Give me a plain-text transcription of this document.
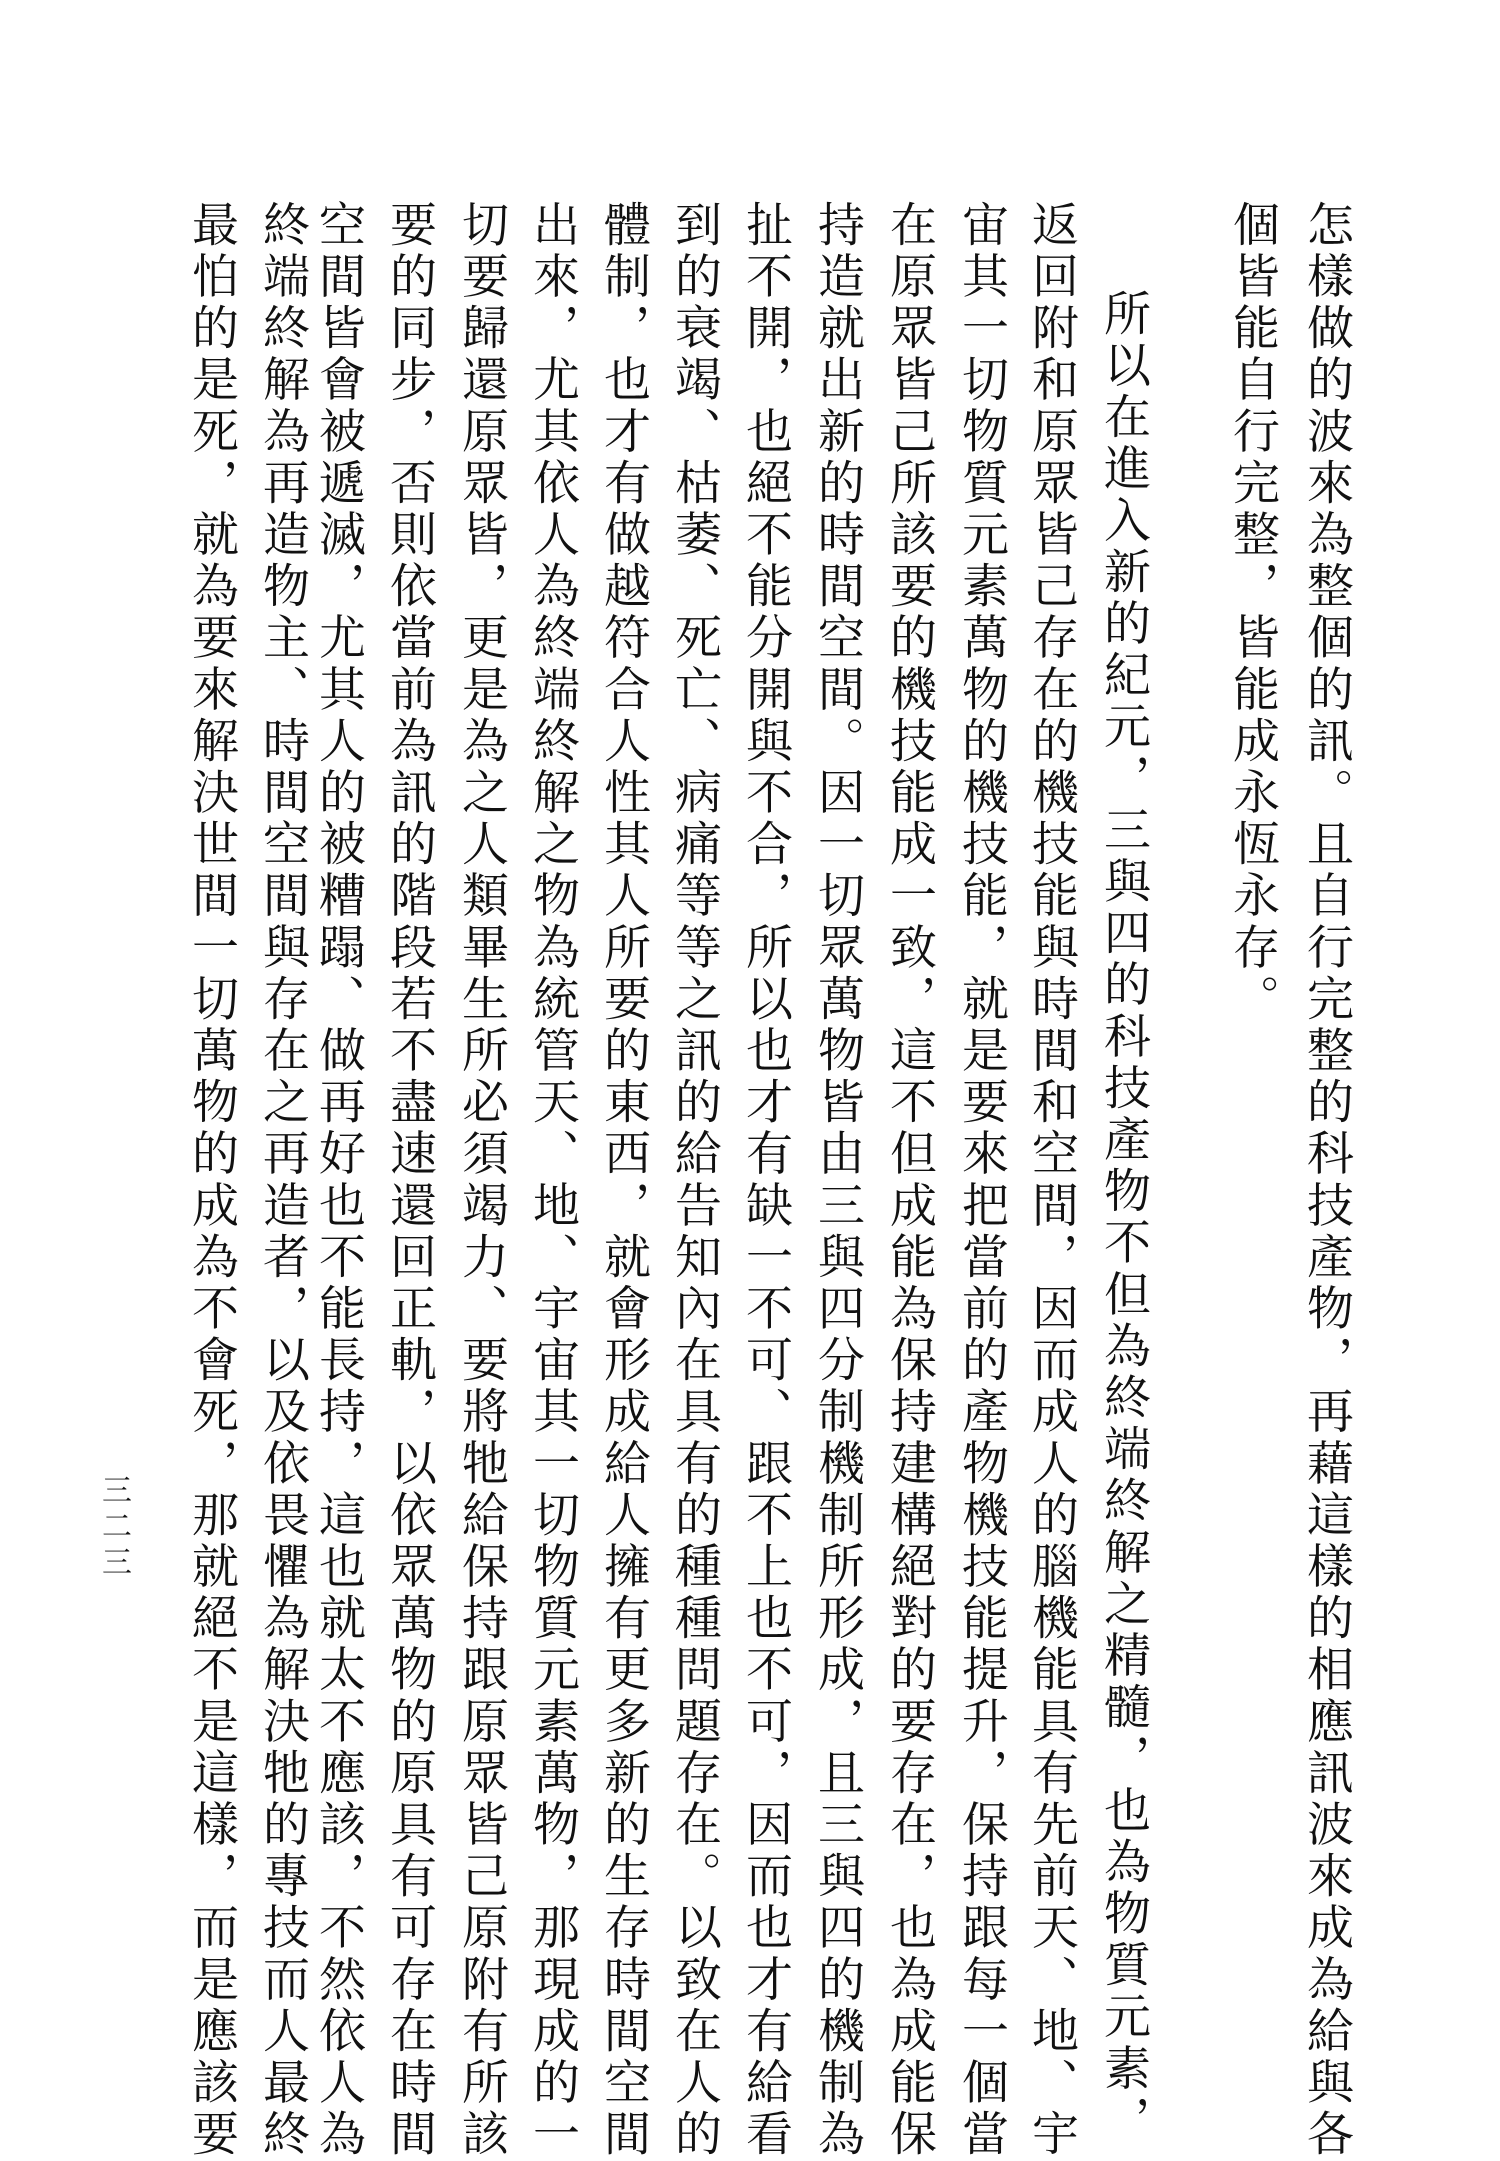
怎樣做的波來為整個的訊。且自行完整的科技產物，再藉這樣的相應訊波來成為給與各
個皆能自行完整，皆能成永恆永存。
所以在進入新的紀元，三與四的科技產物不但為終端終解之精髓，也為物質元素，
返回附和原眾皆己存在的機技能與時間和空間，因而成人的腦機能具有先前天、地、宇
宙其一切物質元素萬物的機技能，就是要來把當前的產物機技能提升，保持跟每一個當
在原眾皆己所該要的機技能成一致，這不但成能為保持建構絕對的要存在，也為成能保
持造就出新的時間空間。因一切眾萬物皆由三與四分制機制所形成，且三與四的機制為
扯不開，也絕不能分開與不合，所以也才有缺一不可、跟不上也不可，因而也才有給看
到的衰竭、枯萎、死亡、病痛等等之訊的給告知內在具有的種種問題存在。以致在人的
體制，也才有做越符合人性其人所要的東西，就會形成給人擁有更多新的生存時間空間
出來，尤其依人為終端終解之物為統管天、地、宇宙其一切物質元素萬物，那現成的一
切要歸還原眾皆，更是為之人類畢生所必須竭力、要將牠給保持跟原眾皆己原附有所該
要的同步，否則依當前為訊的階段若不盡速還回正軌，以依眾萬物的原具有可存在時間
空間皆會被遞滅，尤其人的被糟蹋、做再好也不能長持，這也就太不應該，不然依人為
終端終解為再造物主、時間空間與存在之再造者，以及依畏懼為解決牠的專技而人最終
最怕的是死，就為要來解決世間一切萬物的成為不會死，那就絕不是這樣，而是應該要
三二三
